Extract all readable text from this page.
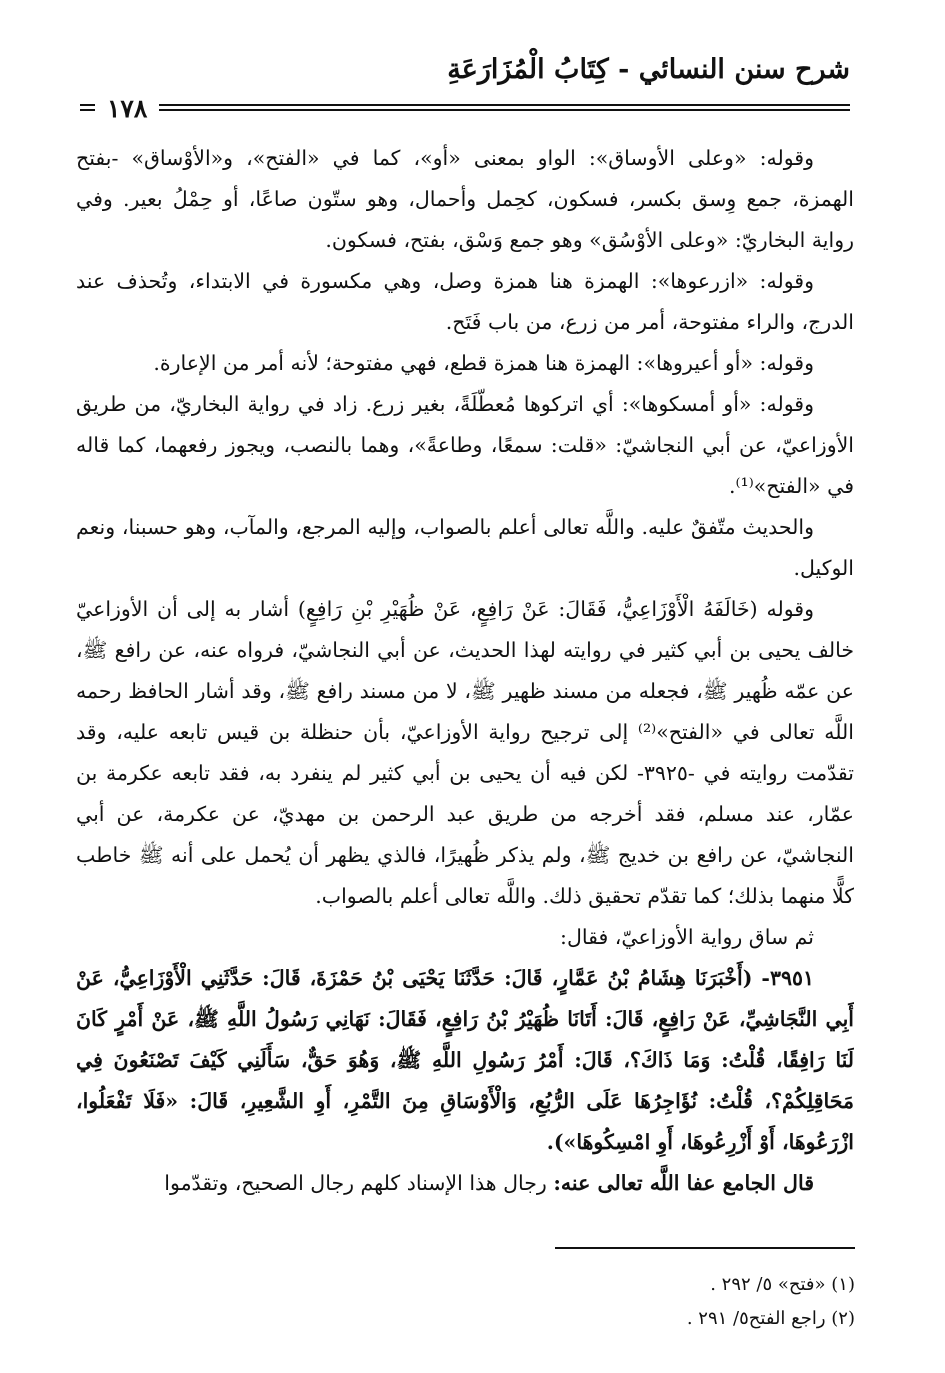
شرح سنن النسائي - كِتَابُ الْمُزَارَعَةِ
١٧٨

وقوله: «وعلى الأوساق»: الواو بمعنى «أو»، كما في «الفتح»، و«الأوْساق» -بفتح الهمزة، جمع وِسق بكسر، فسكون، كحِمل وأحمال، وهو ستّون صاعًا، أو حِمْلُ بعير. وفي رواية البخاريّ: «وعلى الأوْسُق» وهو جمع وَسْق، بفتح، فسكون.

وقوله: «ازرعوها»: الهمزة هنا همزة وصل، وهي مكسورة في الابتداء، وتُحذف عند الدرج، والراء مفتوحة، أمر من زرع، من باب فَتَح.

وقوله: «أو أعيروها»: الهمزة هنا همزة قطع، فهي مفتوحة؛ لأنه أمر من الإعارة.

وقوله: «أو أمسكوها»: أي اتركوها مُعطّلَةً، بغير زرع. زاد في رواية البخاريّ، من طريق الأوزاعيّ، عن أبي النجاشيّ: «قلت: سمعًا، وطاعةً»، وهما بالنصب، ويجوز رفعهما، كما قاله في «الفتح»⁽¹⁾.

والحديث متّفقٌ عليه. واللَّه تعالى أعلم بالصواب، وإليه المرجع، والمآب، وهو حسبنا، ونعم الوكيل.

وقوله (خَالَفَهُ الْأَوْزَاعِيُّ، فَقَالَ: عَنْ رَافِعٍ، عَنْ ظُهَيْرِ بْنِ رَافِعٍ) أشار به إلى أن الأوزاعيّ خالف يحيى بن أبي كثير في روايته لهذا الحديث، عن أبي النجاشيّ، فرواه عنه، عن رافع ﷺ، عن عمّه ظُهير ﷺ، فجعله من مسند ظهير ﷺ، لا من مسند رافع ﷺ، وقد أشار الحافظ رحمه اللَّه تعالى في «الفتح»⁽²⁾ إلى ترجيح رواية الأوزاعيّ، بأن حنظلة بن قيس تابعه عليه، وقد تقدّمت روايته في -٣٩٢٥- لكن فيه أن يحيى بن أبي كثير لم ينفرد به، فقد تابعه عكرمة بن عمّار، عند مسلم، فقد أخرجه من طريق عبد الرحمن بن مهديّ، عن عكرمة، عن أبي النجاشيّ، عن رافع بن خديج ﷺ، ولم يذكر ظُهيرًا، فالذي يظهر أن يُحمل على أنه ﷺ خاطب كلًّا منهما بذلك؛ كما تقدّم تحقيق ذلك. واللَّه تعالى أعلم بالصواب.

ثم ساق رواية الأوزاعيّ، فقال:

٣٩٥١- (أَخْبَرَنَا هِشَامُ بْنُ عَمَّارٍ، قَالَ: حَدَّثَنَا يَحْيَى بْنُ حَمْزَةَ، قَالَ: حَدَّثَنِي الْأَوْزَاعِيُّ، عَنْ أَبِي النَّجَاشِيِّ، عَنْ رَافِعٍ، قَالَ: أَتَانَا ظُهَيْرُ بْنُ رَافِعٍ، فَقَالَ: نَهَانِي رَسُولُ اللَّهِ ﷺ، عَنْ أَمْرٍ كَانَ لَنَا رَافِقًا، قُلْتُ: وَمَا ذَاكَ؟، قَالَ: أَمْرُ رَسُولِ اللَّهِ ﷺ، وَهُوَ حَقٌّ، سَأَلَنِي كَيْفَ تَصْنَعُونَ فِي مَحَاقِلِكُمْ؟، قُلْتُ: نُؤَاجِرُهَا عَلَى الرُّبُعِ، وَالْأَوْسَاقِ مِنَ التَّمْرِ، أَوِ الشَّعِيرِ، قَالَ: «فَلَا تَفْعَلُوا، ازْرَعُوهَا، أَوْ أَزْرِعُوهَا، أَوِ امْسِكُوهَا»).

قال الجامع عفا اللَّه تعالى عنه: رجال هذا الإسناد كلهم رجال الصحيح، وتقدّموا

(١) «فتح» ٥/ ٢٩٢ .
(٢) راجع الفتح٥/ ٢٩١ .
